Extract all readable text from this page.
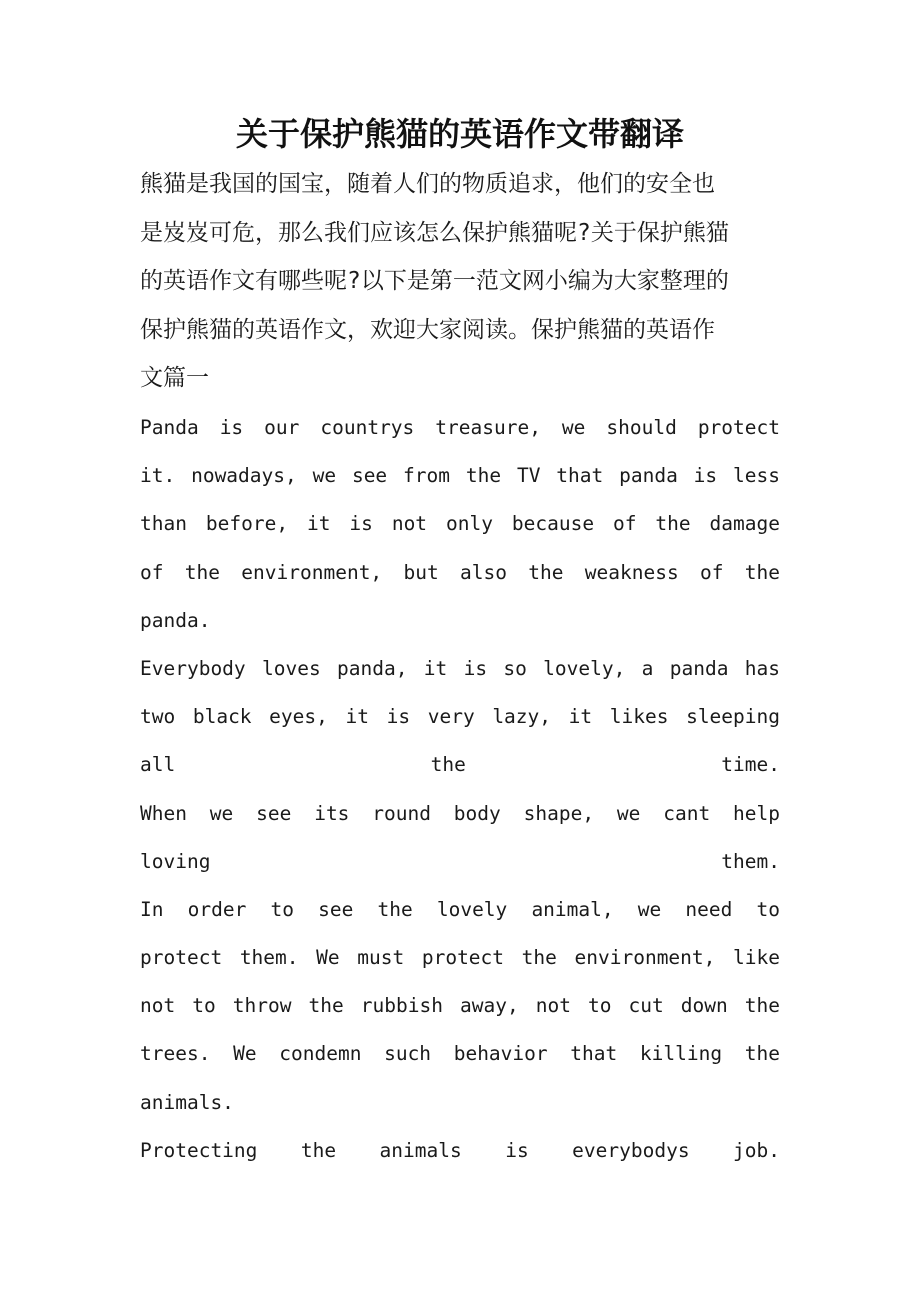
关于保护熊猫的英语作文带翻译
熊猫是我国的国宝，随着人们的物质追求，他们的安全也
是岌岌可危，那么我们应该怎么保护熊猫呢?关于保护熊猫
的英语作文有哪些呢?以下是第一范文网小编为大家整理的
保护熊猫的英语作文，欢迎大家阅读。保护熊猫的英语作
文篇一
Panda is our countrys treasure, we should protect
it. nowadays, we see from the TV that panda is less
than before, it is not only because of the damage
of the environment, but also the weakness of the
panda.
Everybody loves panda, it is so lovely, a panda has
two black eyes, it is very lazy, it likes sleeping
all the time.
When we see its round body shape, we cant help
loving them.
In order to see the lovely animal, we need to
protect them. We must protect the environment, like
not to throw the rubbish away, not to cut down the
trees. We condemn such behavior that killing the
animals.
Protecting the animals is everybodys job.
